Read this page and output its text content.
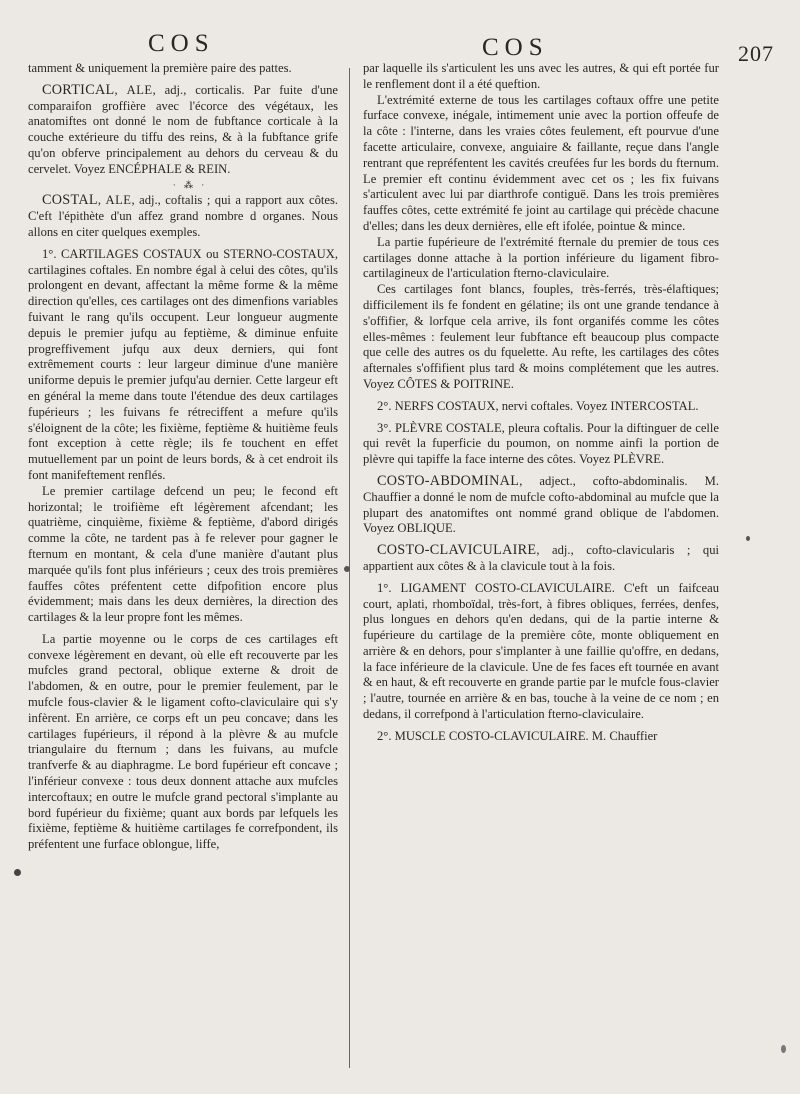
COS	COS	207

tamment & uniquement la première paire des pattes.

CORTICAL, ALE, adj., corticalis. Par fuite d'une comparaifon groffière avec l'écorce des végétaux, les anatomiftes ont donné le nom de fubftance corticale à la couche extérieure du tiffu des reins, & à la fubftance grife qu'on obferve principalement au dehors du cerveau & du cervelet. Voyez ENCÉPHALE & REIN.

· ⁂ ·

COSTAL, ALE, adj., coftalis ; qui a rapport aux côtes. C'eft l'épithète d'un affez grand nombre d organes. Nous allons en citer quelques exemples.

1°. CARTILAGES COSTAUX ou STERNO-COSTAUX, cartilagines coftales. En nombre égal à celui des côtes, qu'ils prolongent en devant, affectant la même forme & la même direction qu'elles, ces cartilages ont des dimenfions variables fuivant le rang qu'ils occupent. Leur longueur augmente depuis le premier jufqu au feptième, & diminue enfuite progreffivement jufqu aux deux derniers, qui font extrêmement courts : leur largeur diminue d'une manière uniforme depuis le premier jufqu'au dernier. Cette largeur eft en général la meme dans toute l'étendue des deux cartilages fupérieurs ; les fuivans fe rétreciffent a mefure qu'ils s'éloignent de la côte; les fixième, feptième & huitième feuls font exception à cette règle; ils fe touchent en effet mutuellement par un point de leurs bords, & à cet endroit ils font manifeftement renflés.

Le premier cartilage defcend un peu; le fecond eft horizontal; le troifième eft légèrement afcendant; les quatrième, cinquième, fixième & feptième, d'abord dirigés comme la côte, ne tardent pas à fe relever pour gagner le fternum en montant, & cela d'une manière d'autant plus marquée qu'ils font plus inférieurs ; ceux des trois premières fauffes côtes préfentent cette difpofition encore plus évidemment; mais dans les deux dernières, la direction des cartilages & la leur propre font les mêmes.

La partie moyenne ou le corps de ces cartilages eft convexe légèrement en devant, où elle eft recouverte par les mufcles grand pectoral, oblique externe & droit de l'abdomen, & en outre, pour le premier feulement, par le mufcle fous-clavier & le ligament cofto-claviculaire qui s'y infèrent. En arrière, ce corps eft un peu concave; dans les cartilages fupérieurs, il répond à la plèvre & au mufcle triangulaire du fternum ; dans les fuivans, au mufcle tranfverfe & au diaphragme. Le bord fupérieur eft concave ; l'inférieur convexe : tous deux donnent attache aux mufcles intercoftaux; en outre le mufcle grand pectoral s'implante au bord fupérieur du fixième; quant aux bords par lefquels les fixième, feptième & huitième cartilages fe correfpondent, ils préfentent une furface oblongue, liffe,

par laquelle ils s'articulent les uns avec les autres, & qui eft portée fur le renflement dont il a été queftion.

L'extrémité externe de tous les cartilages coftaux offre une petite furface convexe, inégale, intimement unie avec la portion offeufe de la côte : l'interne, dans les vraies côtes feulement, eft pourvue d'une facette articulaire, convexe, anguiaire & faillante, reçue dans l'angle rentrant que repréfentent les cavités creufées fur les bords du fternum. Le premier eft continu évidemment avec cet os ; les fix fuivans s'articulent avec lui par diarthrofe contiguë. Dans les trois premières fauffes côtes, cette extrémité fe joint au cartilage qui précède chacune d'elles; dans les deux dernières, elle eft ifolée, pointue & mince.

La partie fupérieure de l'extrémité fternale du premier de tous ces cartilages donne attache à la portion inférieure du ligament fibro-cartilagineux de l'articulation fterno-claviculaire.

Ces cartilages font blancs, fouples, très-ferrés, très-élaftiques; difficilement ils fe fondent en gélatine; ils ont une grande tendance à s'offifier, & lorfque cela arrive, ils font organifés comme les côtes elles-mêmes : feulement leur fubftance eft beaucoup plus compacte que celle des autres os du fquelette. Au refte, les cartilages des côtes afternales s'offifient plus tard & moins complétement que les autres. Voyez CÔTES & POITRINE.

2°. NERFS COSTAUX, nervi coftales. Voyez INTERCOSTAL.

3°. PLÈVRE COSTALE, pleura coftalis. Pour la diftinguer de celle qui revêt la fuperficie du poumon, on nomme ainfi la portion de plèvre qui tapiffe la face interne des côtes. Voyez PLÈVRE.

COSTO-ABDOMINAL, adject., cofto-abdominalis. M. Chauffier a donné le nom de mufcle cofto-abdominal au mufcle que la plupart des anatomiftes ont nommé grand oblique de l'abdomen. Voyez OBLIQUE.

COSTO-CLAVICULAIRE, adj., cofto-clavicularis ; qui appartient aux côtes & à la clavicule tout à la fois.

1°. LIGAMENT COSTO-CLAVICULAIRE. C'eft un faifceau court, aplati, rhomboïdal, très-fort, à fibres obliques, ferrées, denfes, plus longues en dehors qu'en dedans, qui de la partie interne & fupérieure du cartilage de la première côte, monte obliquement en arrière & en dehors, pour s'implanter à une faillie qu'offre, en dedans, la face inférieure de la clavicule. Une de fes faces eft tournée en avant & en haut, & eft recouverte en grande partie par le mufcle fous-clavier ; l'autre, tournée en arrière & en bas, touche à la veine de ce nom ; en dedans, il correfpond à l'articulation fterno-claviculaire.

2°. MUSCLE COSTO-CLAVICULAIRE. M. Chauffier
